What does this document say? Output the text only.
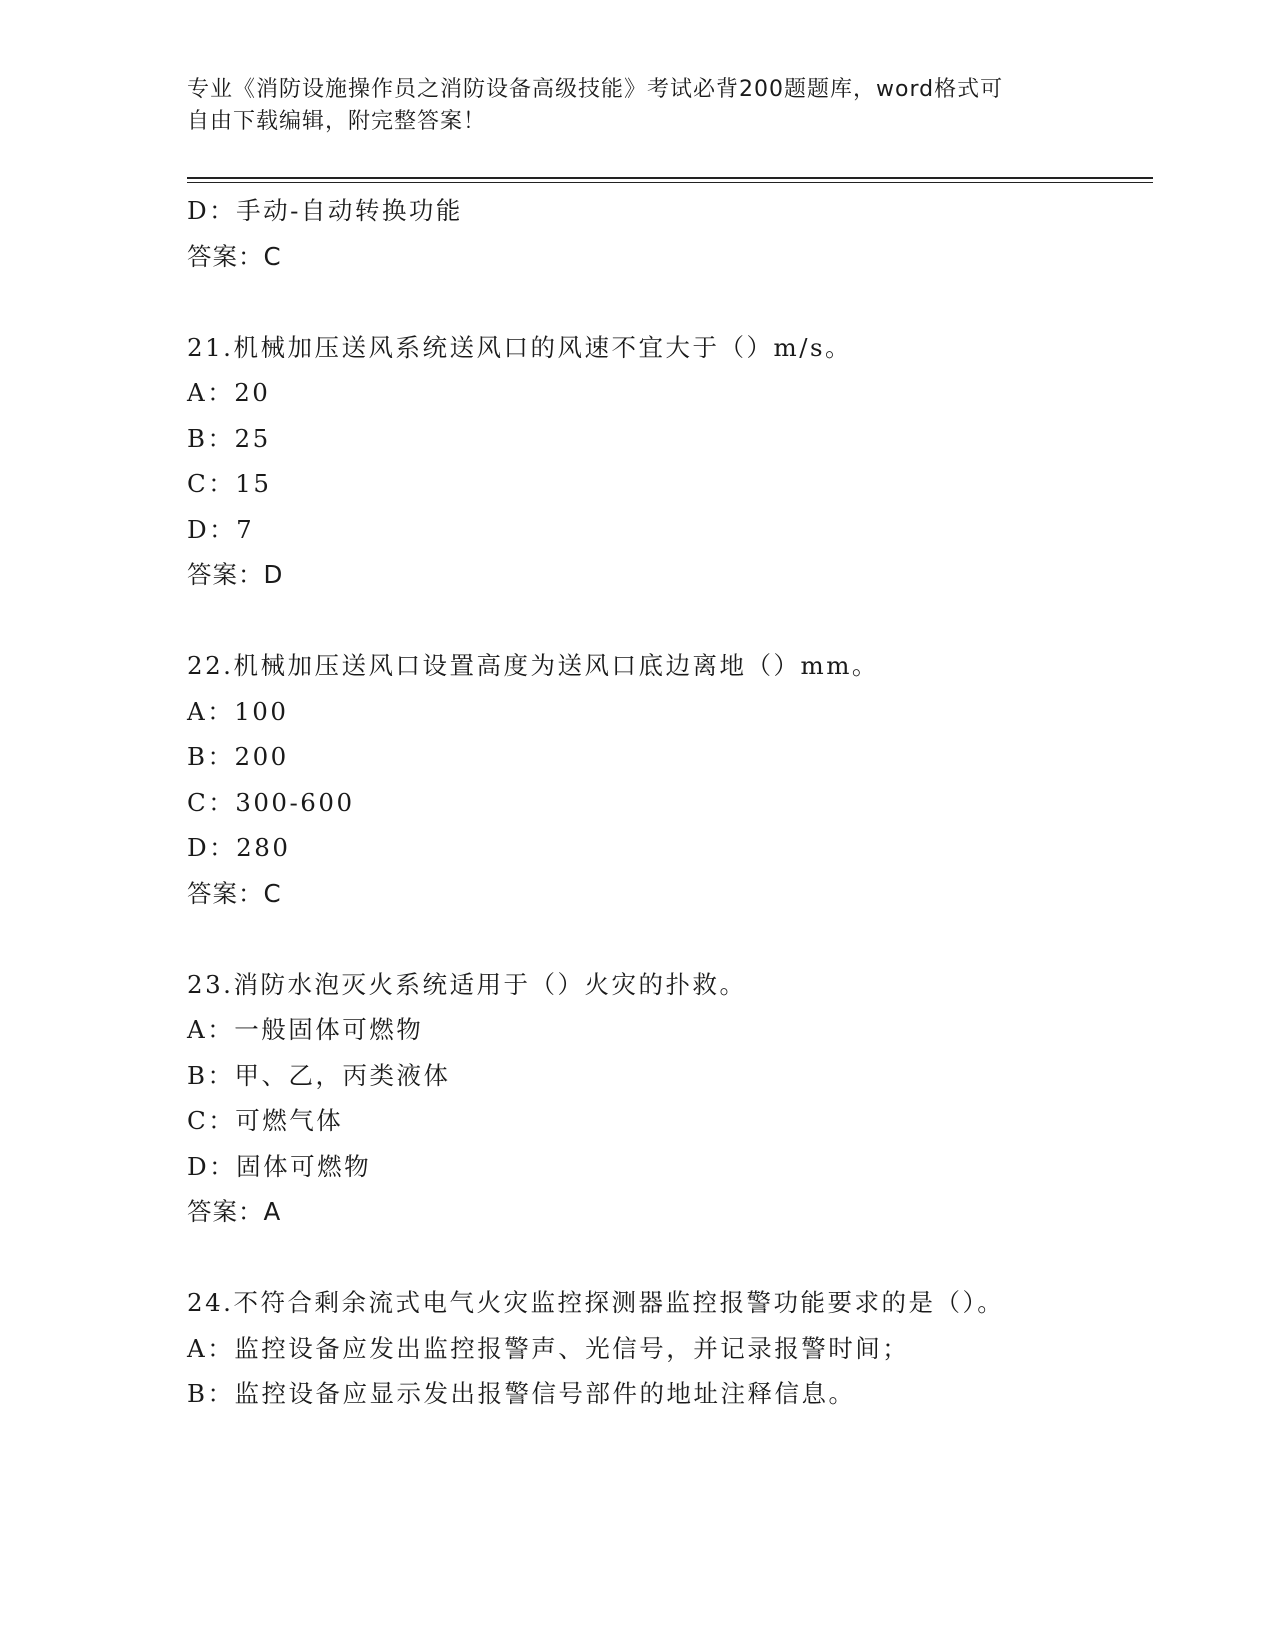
专业《消防设施操作员之消防设备高级技能》考试必背200题题库，word格式可
自由下载编辑，附完整答案！
D：手动-自动转换功能
答案：C
21.机械加压送风系统送风口的风速不宜大于（）m/s。
A：20
B：25
C：15
D：7
答案：D
22.机械加压送风口设置高度为送风口底边离地（）mm。
A：100
B：200
C：300-600
D：280
答案：C
23.消防水泡灭火系统适用于（）火灾的扑救。
A：一般固体可燃物
B：甲、乙，丙类液体
C：可燃气体
D：固体可燃物
答案：A
24.不符合剩余流式电气火灾监控探测器监控报警功能要求的是（）。
A：监控设备应发出监控报警声、光信号，并记录报警时间；
B：监控设备应显示发出报警信号部件的地址注释信息。
